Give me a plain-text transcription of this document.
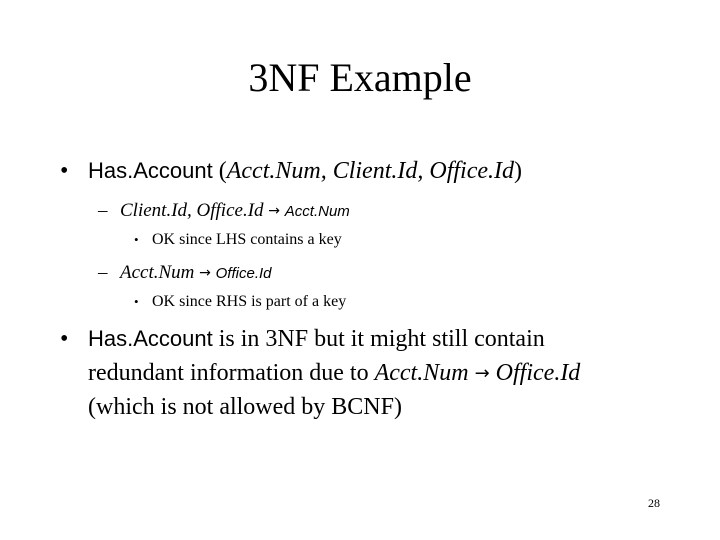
3NF Example
• Has.Account (Acct.Num, Client.Id, Office.Id)
– Client.Id, Office.Id → Acct.Num
• OK since LHS contains a key
– Acct.Num → Office.Id
• OK since RHS is part of a key
• Has.Account is in 3NF but it might still contain
redundant information due to Acct.Num → Office.Id
(which is not allowed by BCNF)
28
